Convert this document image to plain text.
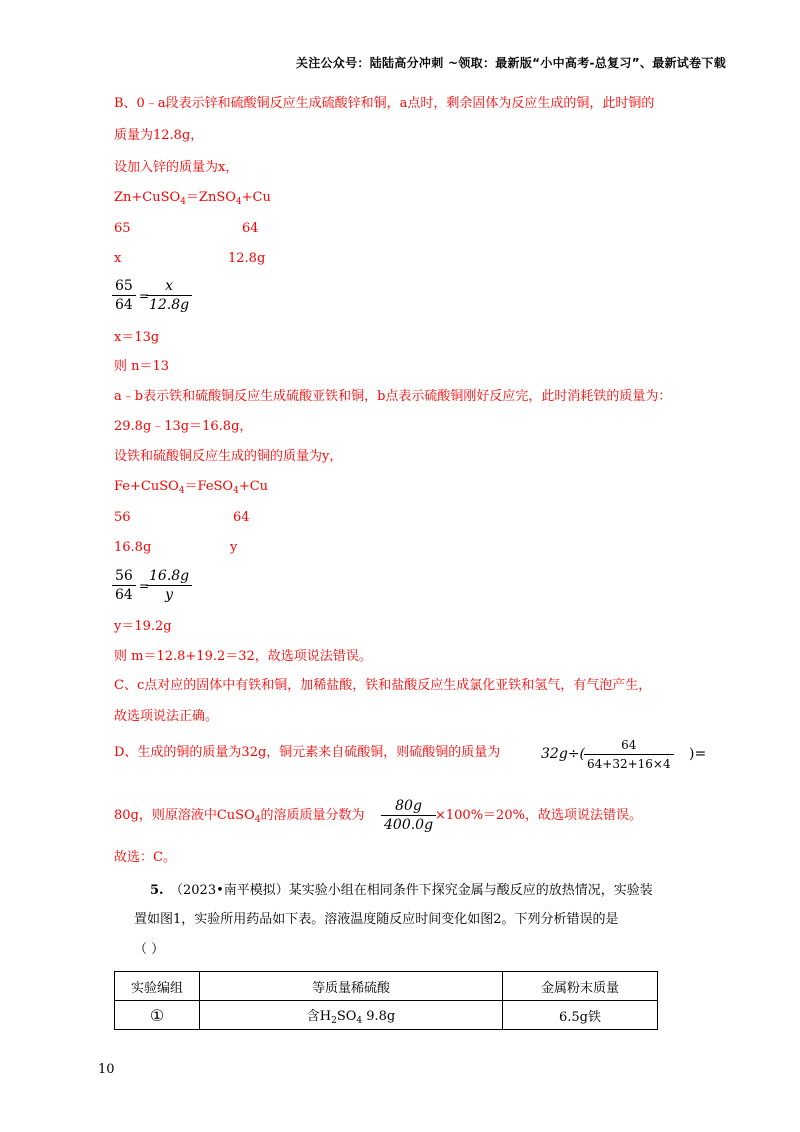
关注公众号：陆陆高分冲刺 ~领取：最新版“小中高考-总复习”、最新试卷下载
B、0﹣a段表示锌和硫酸铜反应生成硫酸锌和铜，a点时，剩余固体为反应生成的铜，此时铜的
质量为12.8g，
设加入锌的质量为x，
Zn+CuSO$_4$＝ZnSO$_4$+Cu
65	64
x	12.8g
$\frac{65}{64}$ =
$\frac{x}{12.8g}$
x＝13g
则 n＝13
a﹣b表示铁和硫酸铜反应生成硫酸亚铁和铜，b点表示硫酸铜刚好反应完，此时消耗铁的质量为：
29.8g﹣13g＝16.8g，
设铁和硫酸铜反应生成的铜的质量为y，
Fe+CuSO$_4$＝FeSO$_4$+Cu
56	64
16.8g	y
$\frac{56}{64}$ =
$\frac{16.8g}{y}$
y＝19.2g
则 m＝12.8+19.2＝32，故选项说法错误。
C、c点对应的固体中有铁和铜，加稀盐酸，铁和盐酸反应生成氯化亚铁和氢气，有气泡产生，
故选项说法正确。
D、生成的铜的质量为32g，铜元素来自硫酸铜，则硫酸铜的质量为	$32g\div( \frac{64}{64+32+16\times 4}$ )=
80g，则原溶液中CuSO$_4$的溶质质量分数为 $\frac{80g}{400.0g}$
×100%＝20%，故选项说法错误。
故选：C。
5. （2023•南平模拟）某实验小组在相同条件下探究金属与酸反应的放热情况，实验装
置如图1，实验所用药品如下表。溶液温度随反应时间变化如图2。下列分析错误的是
（ ）
实验编组	等质量稀硫酸	金属粉末质量
①	含$H_2SO_4$ 9.8g	6.5g铁
10
